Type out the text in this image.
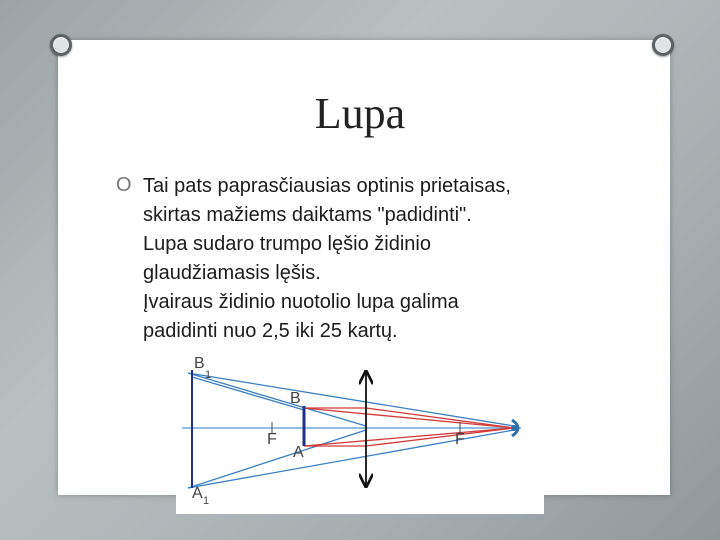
Lupa
O Tai pats paprasčiausias optinis prietaisas,
skirtas mažiems daiktams "padidinti".
Lupa sudaro trumpo lęšio židinio
glaudžiamasis lęšis.
Įvairaus židinio nuotolio lupa galima
padidinti nuo 2,5 iki 25 kartų.
B
1
B
A
F	F
A 1
